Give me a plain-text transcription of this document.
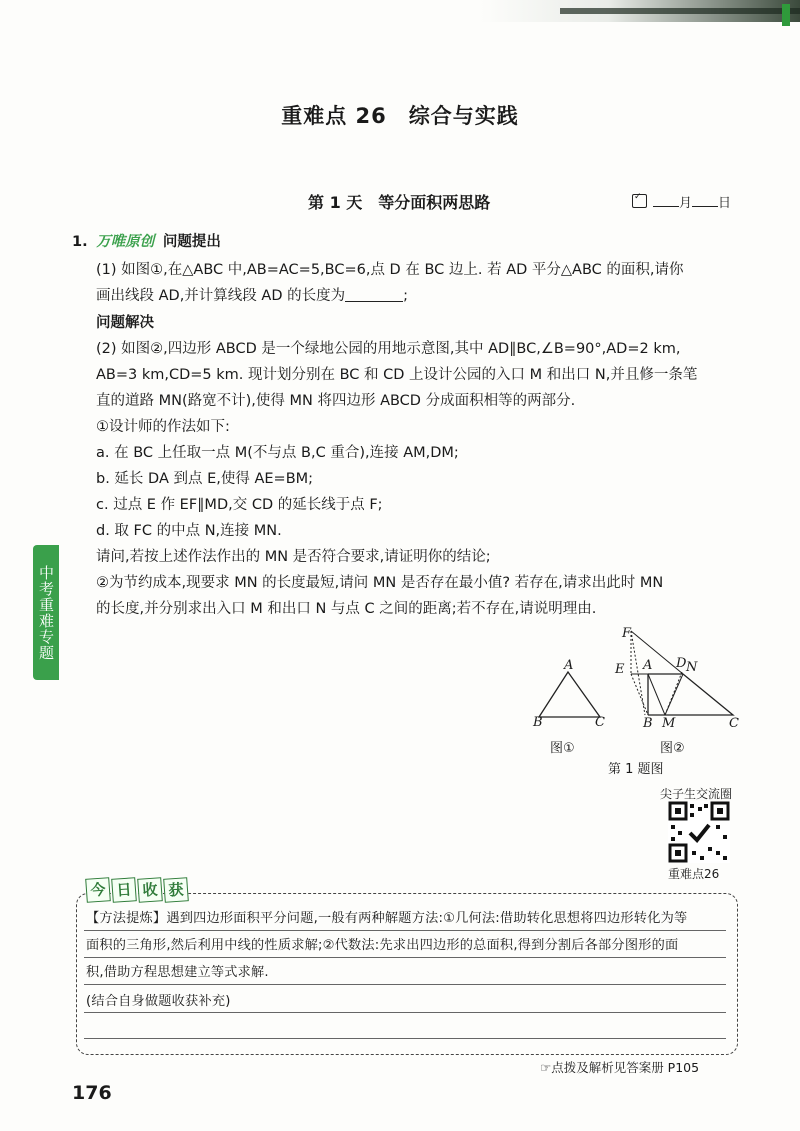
重难点 26　综合与实践
第 1 天　等分面积两思路
✓	月 日
1. 万唯原创 问题提出
(1) 如图①,在△ABC 中,AB=AC=5,BC=6,点 D 在 BC 边上. 若 AD 平分△ABC 的面积,请你
画出线段 AD,并计算线段 AD 的长度为	;
问题解决
(2) 如图②,四边形 ABCD 是一个绿地公园的用地示意图,其中 AD∥BC,∠B=90°,AD=2 km,
AB=3 km,CD=5 km. 现计划分别在 BC 和 CD 上设计公园的入口 M 和出口 N,并且修一条笔
直的道路 MN(路宽不计),使得 MN 将四边形 ABCD 分成面积相等的两部分.
①设计师的作法如下:
a. 在 BC 上任取一点 M(不与点 B,C 重合),连接 AM,DM;
b. 延长 DA 到点 E,使得 AE=BM;
c. 过点 E 作 EF∥MD,交 CD 的延长线于点 F;
d. 取 FC 的中点 N,连接 MN.
请问,若按上述作法作出的 MN 是否符合要求,请证明你的结论;
②为节约成本,现要求 MN 的长度最短,请问 MN 是否存在最小值? 若存在,请求出此时 MN
的长度,并分别求出入口 M 和出口 N 与点 C 之间的距离;若不存在,请说明理由.
中考重难专题
A
B	C
图①
F
E A D N
B M	C
图②
第 1 题图
尖子生交流圈
重难点26
今 日 收 获
【方法提炼】遇到四边形面积平分问题,一般有两种解题方法:①几何法:借助转化思想将四边形转化为等
面积的三角形,然后利用中线的性质求解;②代数法:先求出四边形的总面积,得到分割后各部分图形的面
积,借助方程思想建立等式求解.
(结合自身做题收获补充)
☞点拨及解析见答案册 P105
176
